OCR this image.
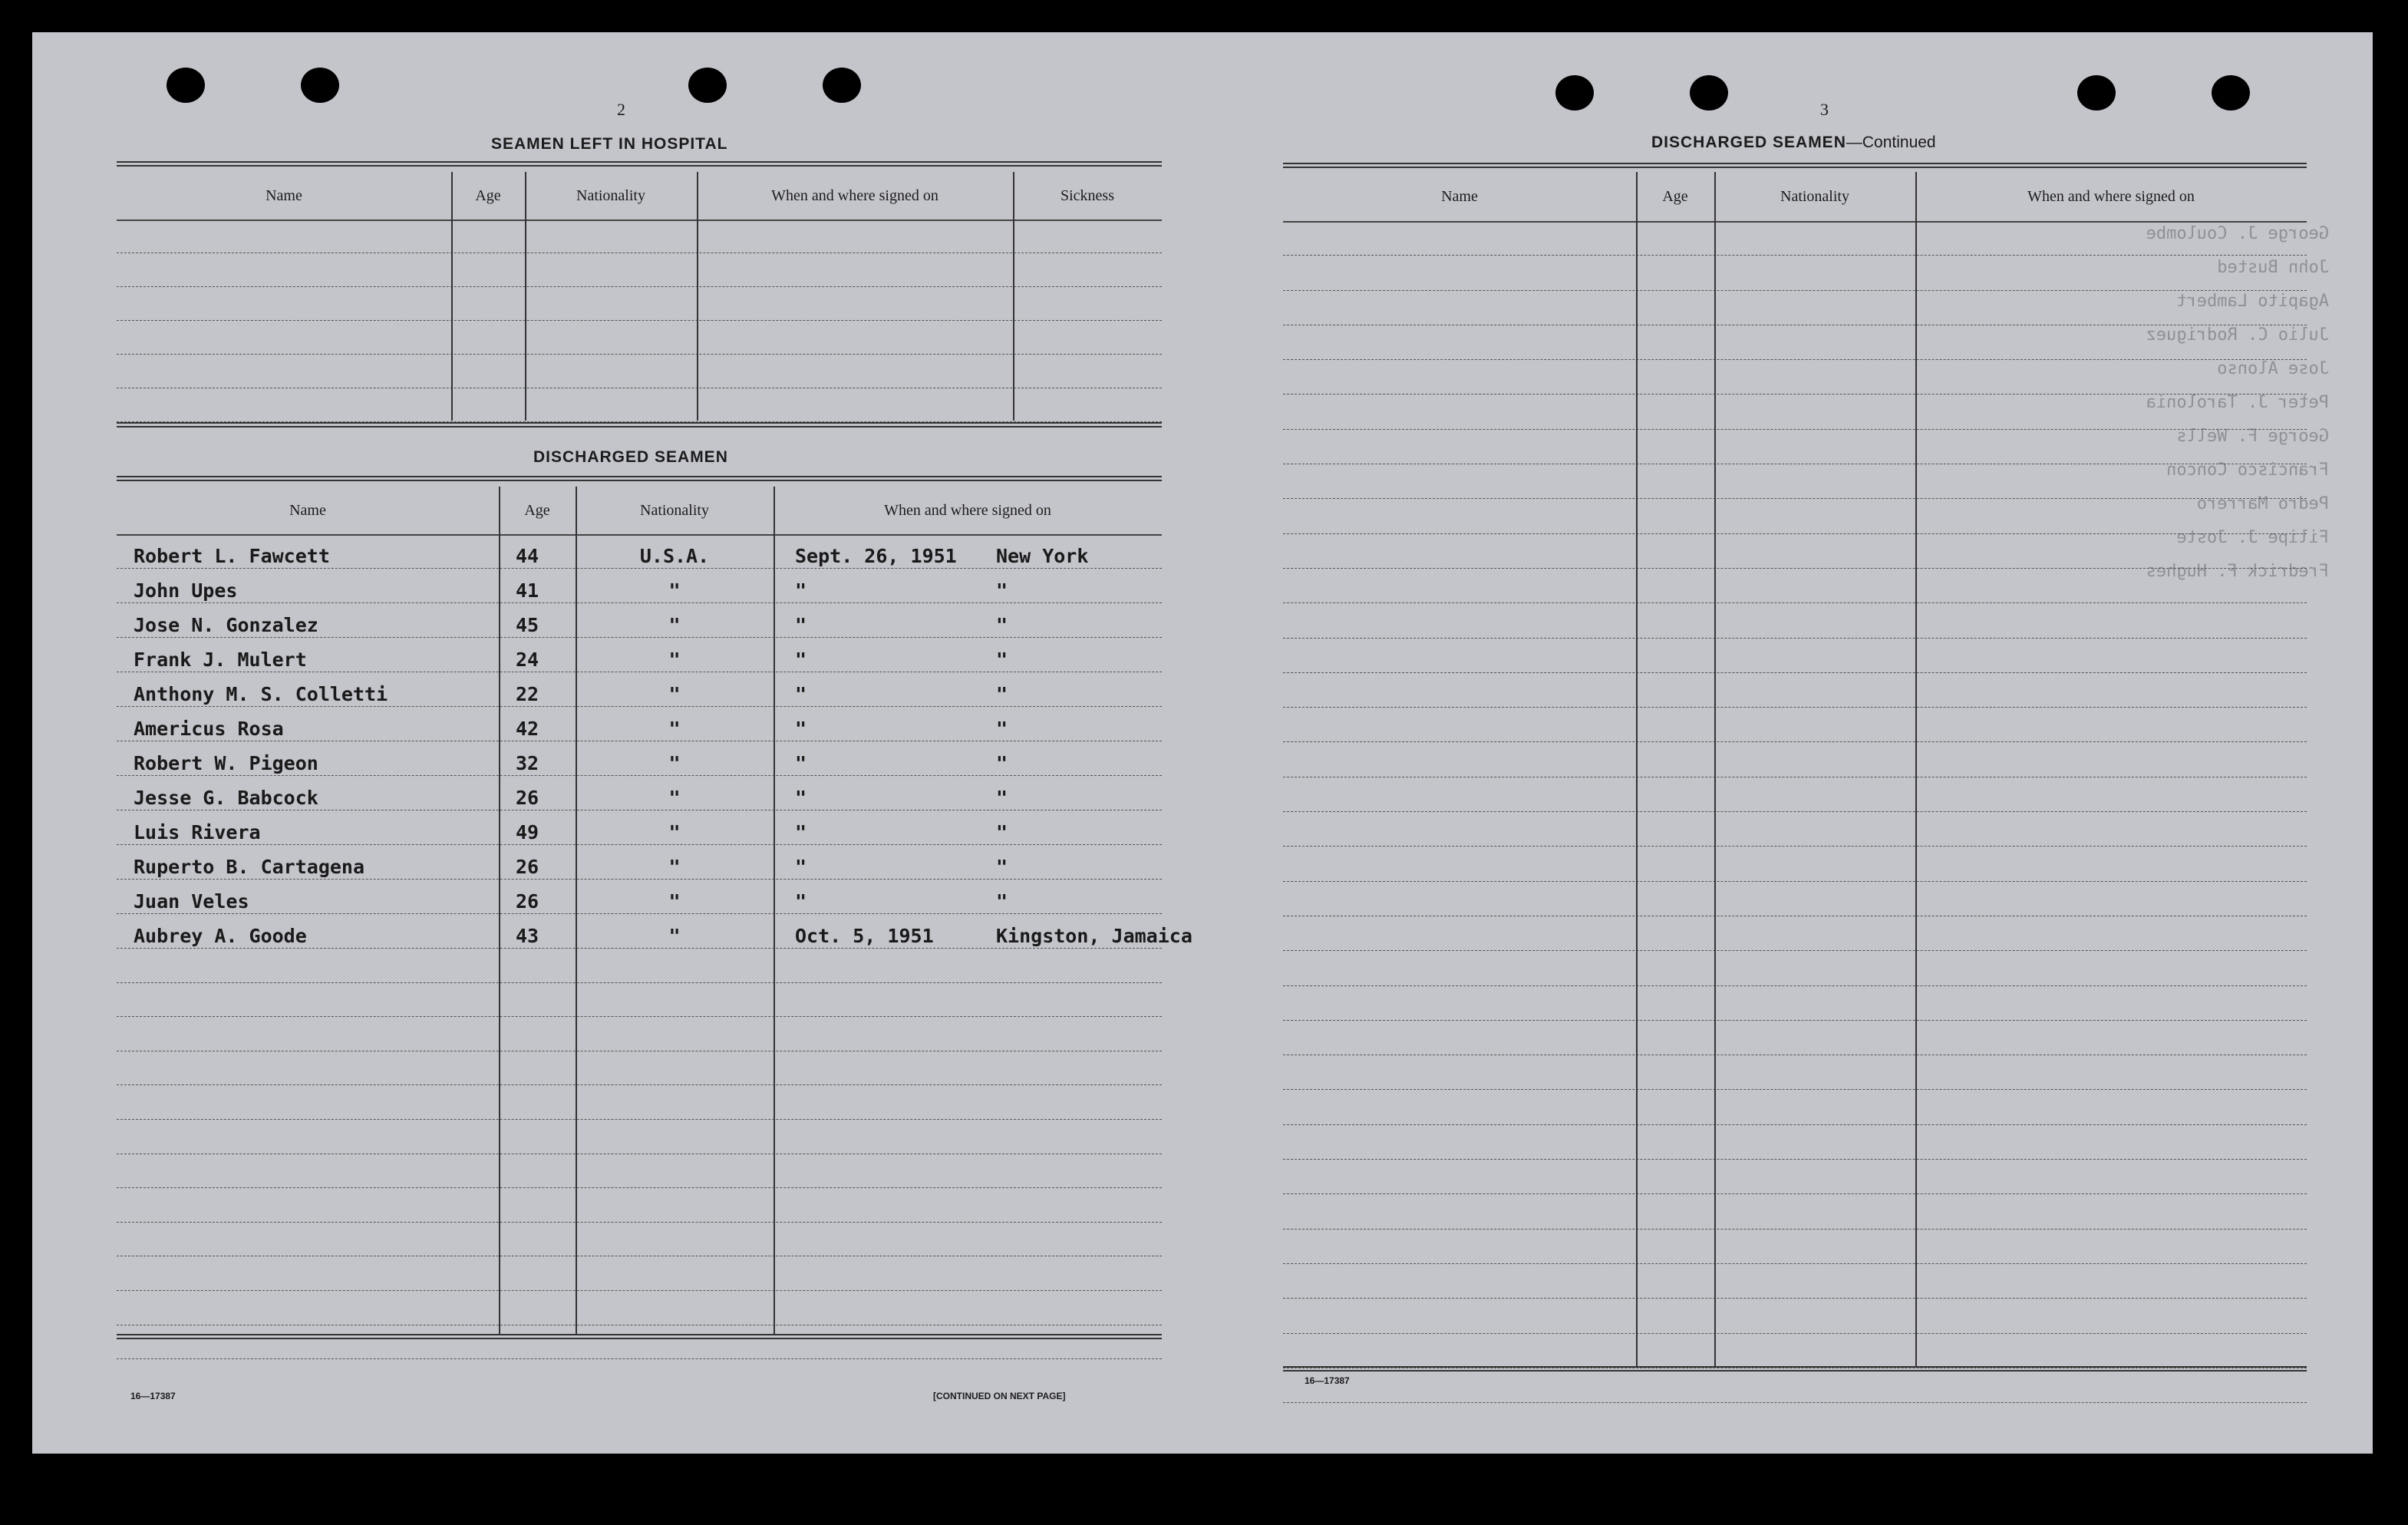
2
SEAMEN LEFT IN HOSPITAL
Name	Age	Nationality	When and where signed on	Sickness
DISCHARGED SEAMEN
Name	Age	Nationality	When and where signed on
Robert L. Fawcett	44	U.S.A.	Sept. 26, 1951	New York
John Upes	41	"	"	"
Jose N. Gonzalez	45	"	"	"
Frank J. Mulert	24	"	"	"
Anthony M. S. Colletti	22	"	"	"
Americus Rosa	42	"	"	"
Robert W. Pigeon	32	"	"	"
Jesse G. Babcock	26	"	"	"
Luis Rivera	49	"	"	"
Ruperto B. Cartagena	26	"	"	"
Juan Veles	26	"	"	"
Aubrey A. Goode	43	"	Oct. 5, 1951	Kingston, Jamaica
16—17387	[CONTINUED ON NEXT PAGE]
3
DISCHARGED SEAMEN—Continued
George J. Coulombe
John Busted
Agapito Lambert
Julio C. Rodriguez
Jose Alonso
Peter J. Tarolonia
George F. Wells
Francisco Concon
Pedro Marrero
Filipe J. Joste
Fredrick F. Hughes
Name	Age	Nationality	When and where signed on
16—17387
